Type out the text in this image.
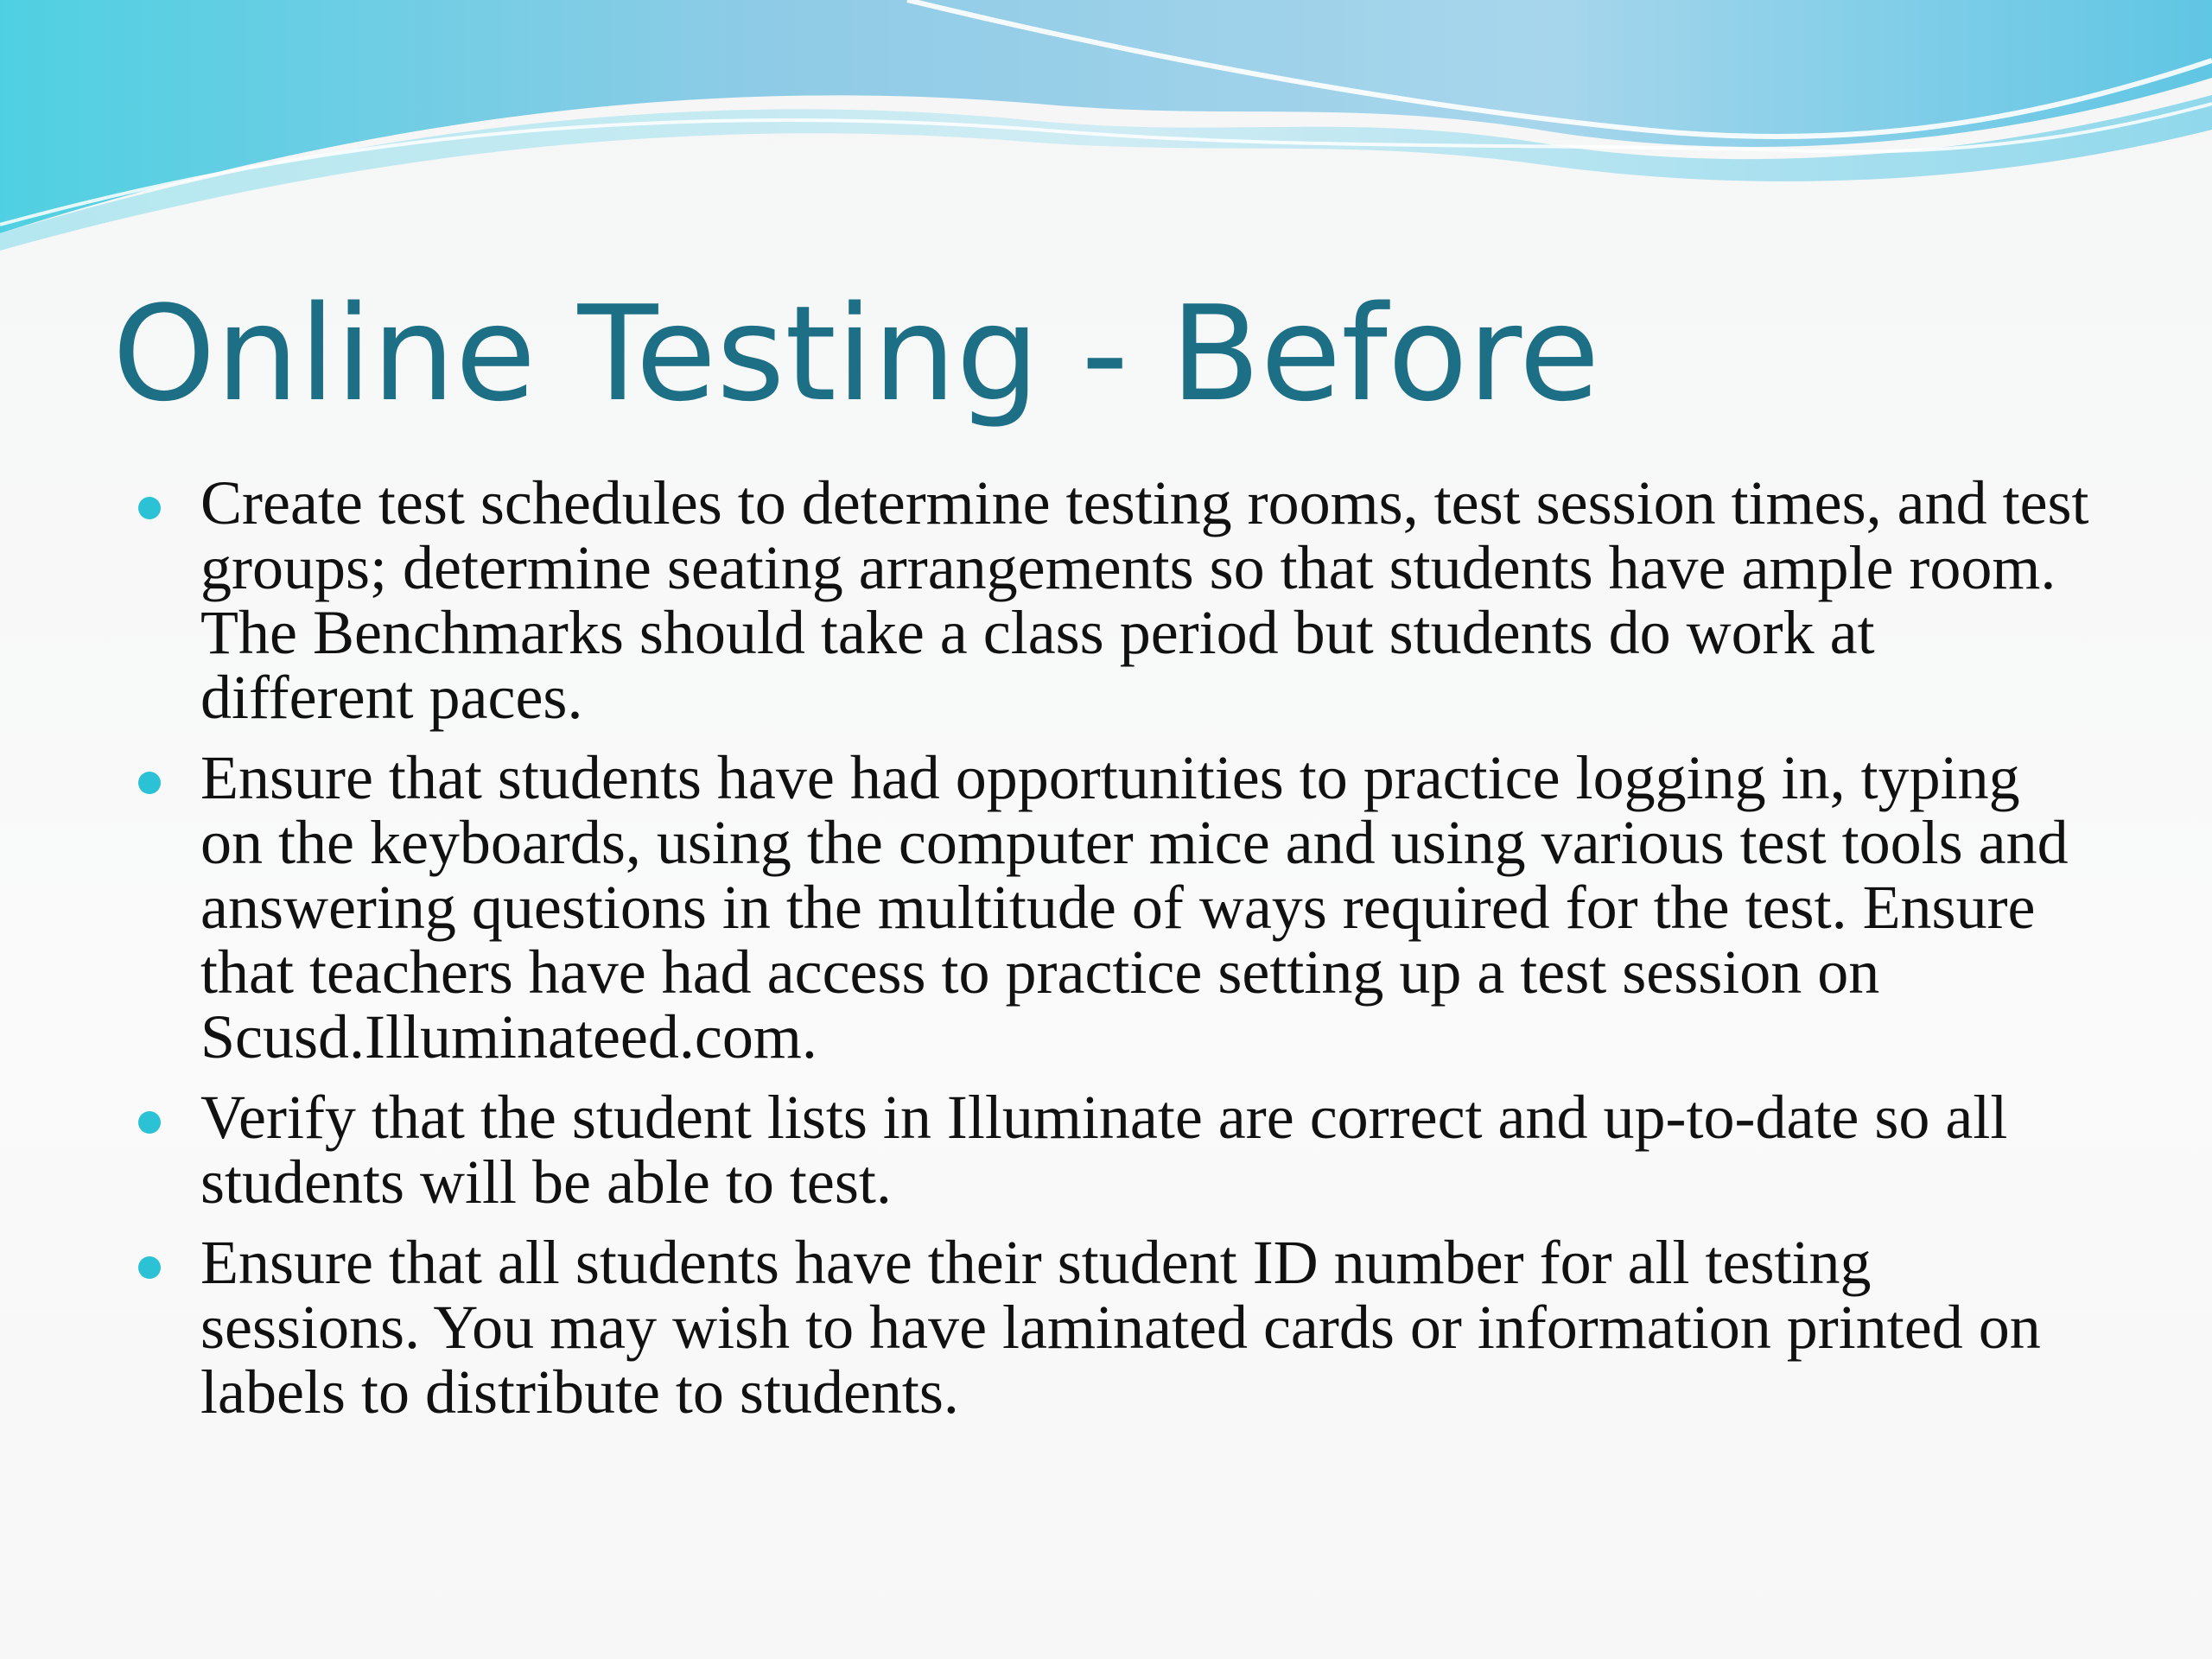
Online Testing - Before
Create test schedules to determine testing rooms, test session times, and test groups; determine seating arrangements so that students have ample room. The Benchmarks should take a class period but students do work at different paces.
Ensure that students have had opportunities to practice logging in, typing on the keyboards, using the computer mice and using various test tools and answering questions in the multitude of ways required for the test. Ensure that teachers have had access to practice setting up a test session on Scusd.Illuminateed.com.
Verify that the student lists in Illuminate are correct and up-to-date so all students will be able to test.
Ensure that all students have their student ID number for all testing sessions. You may wish to have laminated cards or information printed on labels to distribute to students.
